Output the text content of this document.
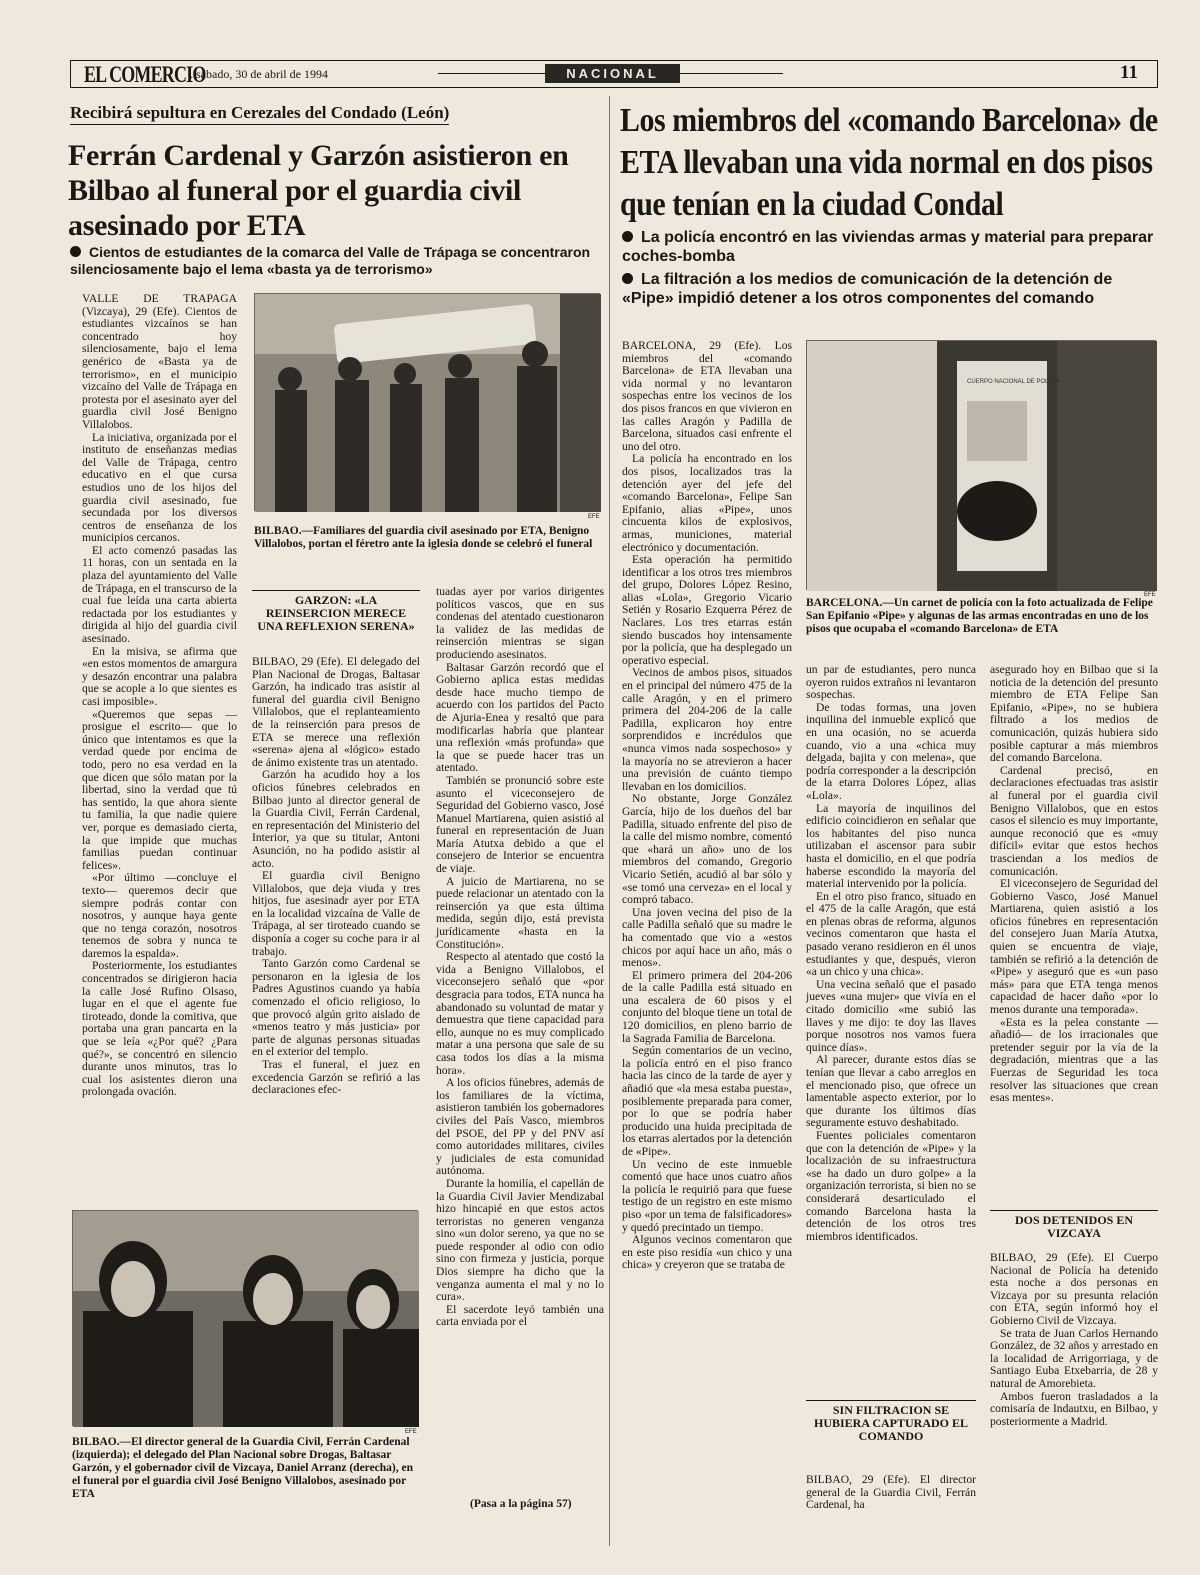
EL COMERCIO
. sábado, 30 de abril de 1994	NACIONAL	11
Recibirá sepultura en Cerezales del Condado (León)
Ferrán Cardenal y Garzón asistieron en Bilbao al funeral por el guardia civil asesinado por ETA
Cientos de estudiantes de la comarca del Valle de Trápaga se concentraron silenciosamente bajo el lema «basta ya de terrorismo»

VALLE DE TRAPAGA (Vizcaya), 29 (Efe). Cientos de estudiantes vizcaínos se han concentrado hoy silenciosamente, bajo el lema genérico de «Basta ya de terrorismo», en el municipio vizcaíno del Valle de Trápaga en protesta por el asesinato ayer del guardia civil José Benigno Villalobos.

La iniciativa, organizada por el instituto de enseñanzas medias del Valle de Trápaga, centro educativo en el que cursa estudios uno de los hijos del guardia civil asesinado, fue secundada por los diversos centros de enseñanza de los municipios cercanos.

El acto comenzó pasadas las 11 horas, con un sentada en la plaza del ayuntamiento del Valle de Trápaga, en el transcurso de la cual fue leída una carta abierta redactada por los estudiantes y dirigida al hijo del guardia civil asesinado.

En la misiva, se afirma que «en estos momentos de amargura y desazón encontrar una palabra que se acople a lo que sientes es casi imposible».

«Queremos que sepas —prosigue el escrito— que lo único que intentamos es que la verdad quede por encima de todo, pero no esa verdad en la que dicen que sólo matan por la libertad, sino la verdad que tú has sentido, la que ahora siente tu familia, la que nadie quiere ver, porque es demasiado cierta, la que impide que muchas familias puedan continuar felices».

«Por último —concluye el texto— queremos decir que siempre podrás contar con nosotros, y aunque haya gente que no tenga corazón, nosotros tenemos de sobra y nunca te daremos la espalda».

Posteriormente, los estudiantes concentrados se dirigieron hacia la calle José Rufino Olsaso, lugar en el que el agente fue tiroteado, donde la comitiva, que portaba una gran pancarta en la que se leía «¿Por qué? ¿Para qué?», se concentró en silencio durante unos minutos, tras lo cual los asistentes dieron una prolongada ovación.

EFE
BILBAO.—Familiares del guardia civil asesinado por ETA, Benigno Villalobos, portan el féretro ante la iglesia donde se celebró el funeral
GARZON: «LA REINSERCION MERECE UNA REFLEXION SERENA»

BILBAO, 29 (Efe). El delegado del Plan Nacional de Drogas, Baltasar Garzón, ha indicado tras asistir al funeral del guardia civil Benigno Villalobos, que el replanteamiento de la reinserción para presos de ETA se merece una reflexión «serena» ajena al «lógico» estado de ánimo existente tras un atentado.

Garzón ha acudido hoy a los oficios fúnebres celebrados en Bilbao junto al director general de la Guardia Civil, Ferrán Cardenal, en representación del Ministerio del Interior, ya que su titular, Antoni Asunción, no ha podido asistir al acto.

El guardia civil Benigno Villalobos, que deja viuda y tres hitjos, fue asesinadr ayer por ETA en la localidad vizcaína de Valle de Trápaga, al ser tiroteado cuando se disponía a coger su coche para ir al trabajo.

Tanto Garzón como Cardenal se personaron en la iglesia de los Padres Agustinos cuando ya había comenzado el oficio religioso, lo que provocó algún grito aislado de «menos teatro y más justicia» por parte de algunas personas situadas en el exterior del templo.

Tras el funeral, el juez en excedencia Garzón se refirió a las declaraciones efec-

tuadas ayer por varios dirigentes políticos vascos, que en sus condenas del atentado cuestionaron la validez de las medidas de reinserción mientras se sigan produciendo asesinatos.

Baltasar Garzón recordó que el Gobierno aplica estas medidas desde hace mucho tiempo de acuerdo con los partidos del Pacto de Ajuria-Enea y resaltó que para modificarlas habría que plantear una reflexión «más profunda» que la que se puede hacer tras un atentado.

También se pronunció sobre este asunto el viceconsejero de Seguridad del Gobierno vasco, José Manuel Martiarena, quien asistió al funeral en representación de Juan María Atutxa debido a que el consejero de Interior se encuentra de viaje.

A juicio de Martiarena, no se puede relacionar un atentado con la reinserción ya que esta última medida, según dijo, está prevista jurídicamente «hasta en la Constitución».

Respecto al atentado que costó la vida a Benigno Villalobos, el viceconsejero señaló que «por desgracia para todos, ETA nunca ha abandonado su voluntad de matar y demuestra que tiene capacidad para ello, aunque no es muy complicado matar a una persona que sale de su casa todos los días a la misma hora».

A los oficios fúnebres, además de los familiares de la víctima, asistieron también los gobernadores civiles del País Vasco, miembros del PSOE, del PP y del PNV así como autoridades militares, civiles y judiciales de esta comunidad autónoma.

Durante la homilía, el capellán de la Guardia Civil Javier Mendizabal hizo hincapié en que estos actos terroristas no generen venganza sino «un dolor sereno, ya que no se puede responder al odio con odio sino con firmeza y justicia, porque Dios siempre ha dicho que la venganza aumenta el mal y no lo cura».

El sacerdote leyó también una carta enviada por el

(Pasa a la página 57)
EFE
BILBAO.—El director general de la Guardia Civil, Ferrán Cardenal (izquierda); el delegado del Plan Nacional sobre Drogas, Baltasar Garzón, y el gobernador civil de Vizcaya, Daniel Arranz (derecha), en el funeral por el guardia civil José Benigno Villalobos, asesinado por ETA
Los miembros del «comando Barcelona» de ETA llevaban una vida normal en dos pisos que tenían en la ciudad Condal
La policía encontró en las viviendas armas y material para preparar coches-bomba
La filtración a los medios de comunicación de la detención de «Pipe» impidió detener a los otros componentes del comando

BARCELONA, 29 (Efe). Los miembros del «comando Barcelona» de ETA llevaban una vida normal y no levantaron sospechas entre los vecinos de los dos pisos francos en que vivieron en las calles Aragón y Padilla de Barcelona, situados casi enfrente el uno del otro.

La policía ha encontrado en los dos pisos, localizados tras la detención ayer del jefe del «comando Barcelona», Felipe San Epifanio, alias «Pipe», unos cincuenta kilos de explosivos, armas, municiones, material electrónico y documentación.

Esta operación ha permitido identificar a los otros tres miembros del grupo, Dolores López Resino, alias «Lola», Gregorio Vicario Setién y Rosario Ezquerra Pérez de Naclares. Los tres etarras están siendo buscados hoy intensamente por la policía, que ha desplegado un operativo especial.

Vecinos de ambos pisos, situados en el principal del número 475 de la calle Aragón, y en el primero primera del 204-206 de la calle Padilla, explicaron hoy entre sorprendidos e incrédulos que «nunca vimos nada sospechoso» y la mayoría no se atrevieron a hacer una previsión de cuánto tiempo llevaban en los domicilios.

No obstante, Jorge González García, hijo de los dueños del bar Padilla, situado enfrente del piso de la calle del mismo nombre, comentó que «hará un año» uno de los miembros del comando, Gregorio Vicario Setién, acudió al bar sólo y «se tomó una cerveza» en el local y compró tabaco.

Una joven vecina del piso de la calle Padilla señaló que su madre le ha comentado que vio a «estos chicos por aquí hace un año, más o menos».

El primero primera del 204-206 de la calle Padilla está situado en una escalera de 60 pisos y el conjunto del bloque tiene un total de 120 domicilios, en pleno barrio de la Sagrada Familia de Barcelona.

Según comentarios de un vecino, la policía entró en el piso franco hacia las cinco de la tarde de ayer y añadió que «la mesa estaba puesta», posiblemente preparada para comer, por lo que se podría haber producido una huida precipitada de los etarras alertados por la detención de «Pipe».

Un vecino de este inmueble comentó que hace unos cuatro años la policía le requirió para que fuese testigo de un registro en este mismo piso «por un tema de falsificadores» y quedó precintado un tiempo.

Algunos vecinos comentaron que en este piso residía «un chico y una chica» y creyeron que se trataba de

CUERPO NACIONAL DE POLICIA
EFE
BARCELONA.—Un carnet de policía con la foto actualizada de Felipe San Epifanio «Pipe» y algunas de las armas encontradas en uno de los pisos que ocupaba el «comando Barcelona» de ETA

un par de estudiantes, pero nunca oyeron ruidos extraños ni levantaron sospechas.

De todas formas, una joven inquilina del inmueble explicó que en una ocasión, no se acuerda cuando, vio a una «chica muy delgada, bajita y con melena», que podría corresponder a la descripción de la etarra Dolores López, alias «Lola».

La mayoría de inquilinos del edificio coincidieron en señalar que los habitantes del piso nunca utilizaban el ascensor para subir hasta el domicilio, en el que podría haberse escondido la mayoría del material intervenido por la policía.

En el otro piso franco, situado en el 475 de la calle Aragón, que está en plenas obras de reforma, algunos vecinos comentaron que hasta el pasado verano residieron en él unos estudiantes y que, después, vieron «a un chico y una chica».

Una vecina señaló que el pasado jueves «una mujer» que vivía en el citado domicilio «me subió las llaves y me dijo: te doy las llaves porque nosotros nos vamos fuera quince días».

Al parecer, durante estos días se tenían que llevar a cabo arreglos en el mencionado piso, que ofrece un lamentable aspecto exterior, por lo que durante los últimos días seguramente estuvo deshabitado.

Fuentes policiales comentaron que con la detención de «Pipe» y la localización de su infraestructura «se ha dado un duro golpe» a la organización terrorista, si bien no se considerará desarticulado el comando Barcelona hasta la detención de los otros tres miembros identificados.

SIN FILTRACION SE HUBIERA CAPTURADO EL COMANDO

BILBAO, 29 (Efe). El director general de la Guardia Civil, Ferrán Cardenal, ha

asegurado hoy en Bilbao que si la noticia de la detención del presunto miembro de ETA Felipe San Epifanio, «Pipe», no se hubiera filtrado a los medios de comunicación, quizás hubiera sido posible capturar a más miembros del comando Barcelona.

Cardenal precisó, en declaraciones efectuadas tras asistir al funeral por el guardia civil Benigno Villalobos, que en estos casos el silencio es muy importante, aunque reconoció que es «muy difícil» evitar que estos hechos trasciendan a los medios de comunicación.

El viceconsejero de Seguridad del Gobierno Vasco, José Manuel Martiarena, quien asistió a los oficios fúnebres en representación del consejero Juan María Atutxa, quien se encuentra de viaje, también se refirió a la detención de «Pipe» y aseguró que es «un paso más» para que ETA tenga menos capacidad de hacer daño «por lo menos durante una temporada».

«Esta es la pelea constante —añadió— de los irracionales que pretender seguir por la vía de la degradación, mientras que a las Fuerzas de Seguridad les toca resolver las situaciones que crean esas mentes».

DOS DETENIDOS EN VIZCAYA

BILBAO, 29 (Efe). El Cuerpo Nacional de Policía ha detenido esta noche a dos personas en Vizcaya por su presunta relación con ETA, según informó hoy el Gobierno Civil de Vizcaya.

Se trata de Juan Carlos Hernando González, de 32 años y arrestado en la localidad de Arrigorriaga, y de Santiago Euba Etxebarria, de 28 y natural de Amorebieta.

Ambos fueron trasladados a la comisaría de Indautxu, en Bilbao, y posteriormente a Madrid.
